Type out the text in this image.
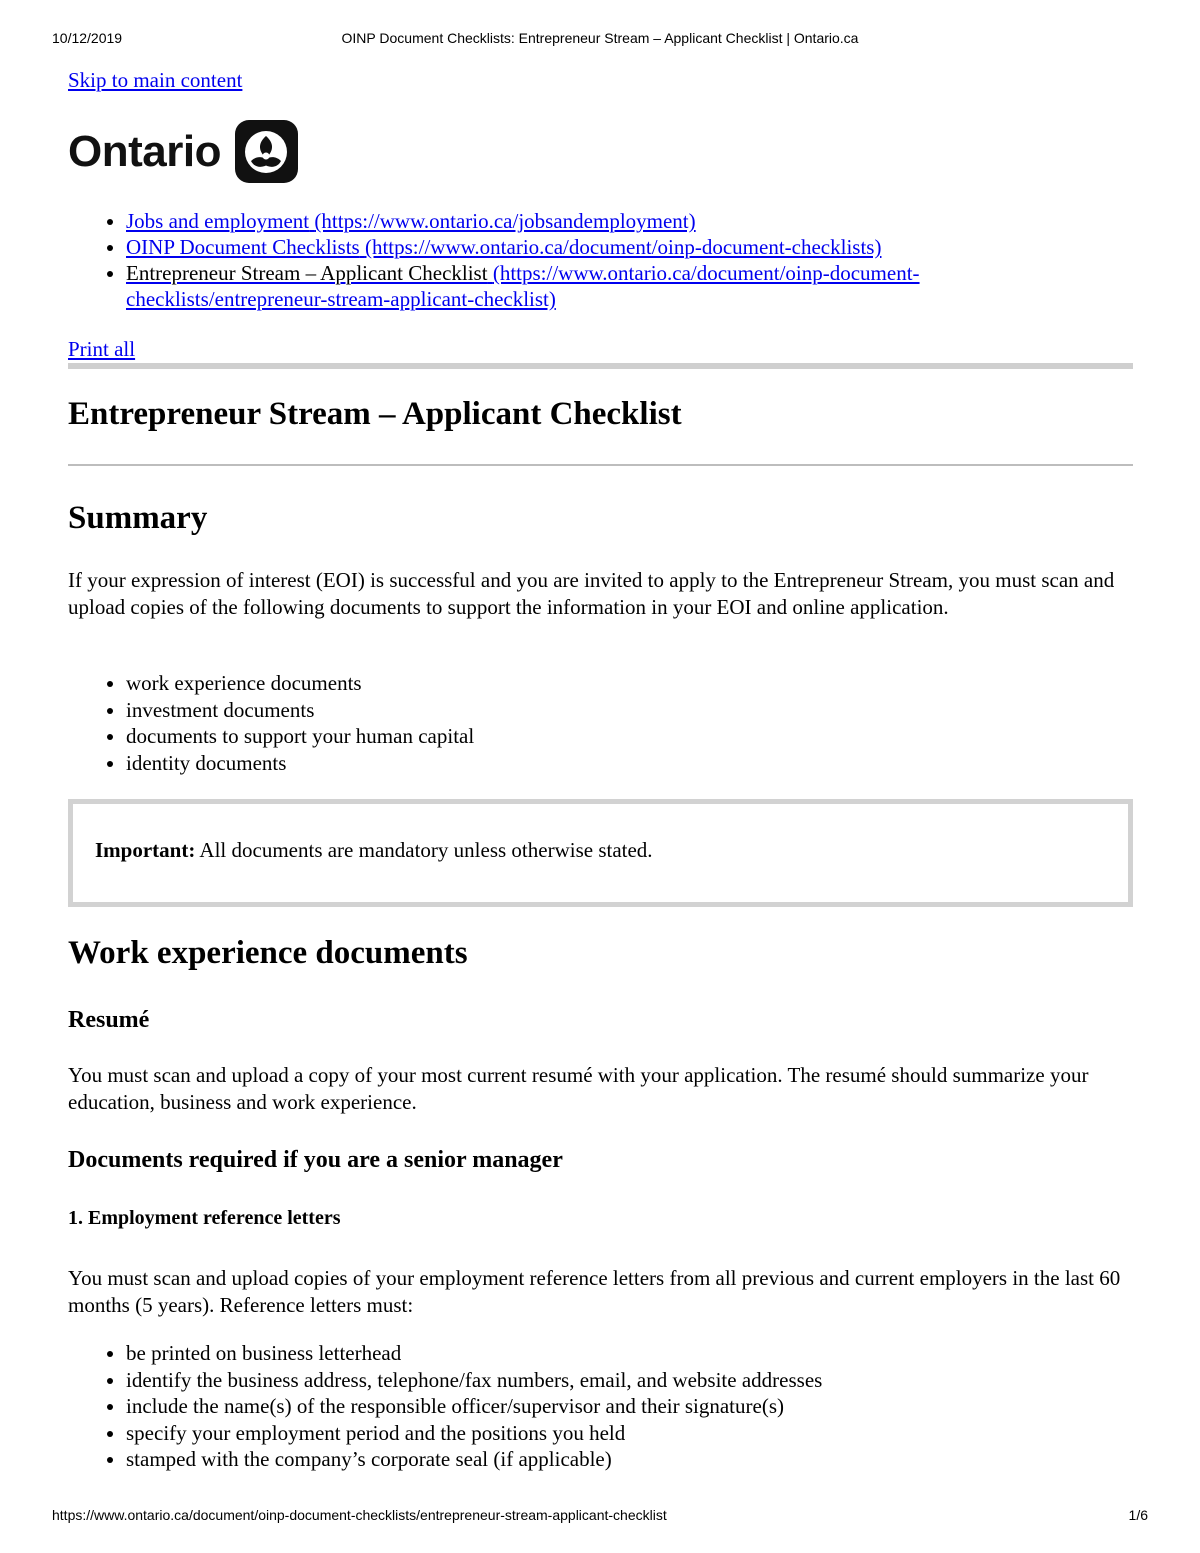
10/12/2019	OINP Document Checklists: Entrepreneur Stream – Applicant Checklist | Ontario.ca
Skip to main content
Ontario
• Jobs and employment (https://www.ontario.ca/jobsandemployment)
• OINP Document Checklists (https://www.ontario.ca/document/oinp-document-checklists)
• Entrepreneur Stream – Applicant Checklist (https://www.ontario.ca/document/oinp-document-
checklists/entrepreneur-stream-applicant-checklist)
Print all
Entrepreneur Stream – Applicant Checklist
Summary

If your expression of interest (EOI) is successful and you are invited to apply to the Entrepreneur Stream, you must scan and upload copies of the following documents to support the information in your EOI and online application.

• work experience documents
• investment documents
• documents to support your human capital
• identity documents

Important: All documents are mandatory unless otherwise stated.

Work experience documents
Resumé

You must scan and upload a copy of your most current resumé with your application. The resumé should summarize your education, business and work experience.

Documents required if you are a senior manager
1. Employment reference letters

You must scan and upload copies of your employment reference letters from all previous and current employers in the last 60 months (5 years). Reference letters must:

• be printed on business letterhead
• identify the business address, telephone/fax numbers, email, and website addresses
• include the name(s) of the responsible officer/supervisor and their signature(s)
• specify your employment period and the positions you held
• stamped with the company’s corporate seal (if applicable)
https://www.ontario.ca/document/oinp-document-checklists/entrepreneur-stream-applicant-checklist	1/6
